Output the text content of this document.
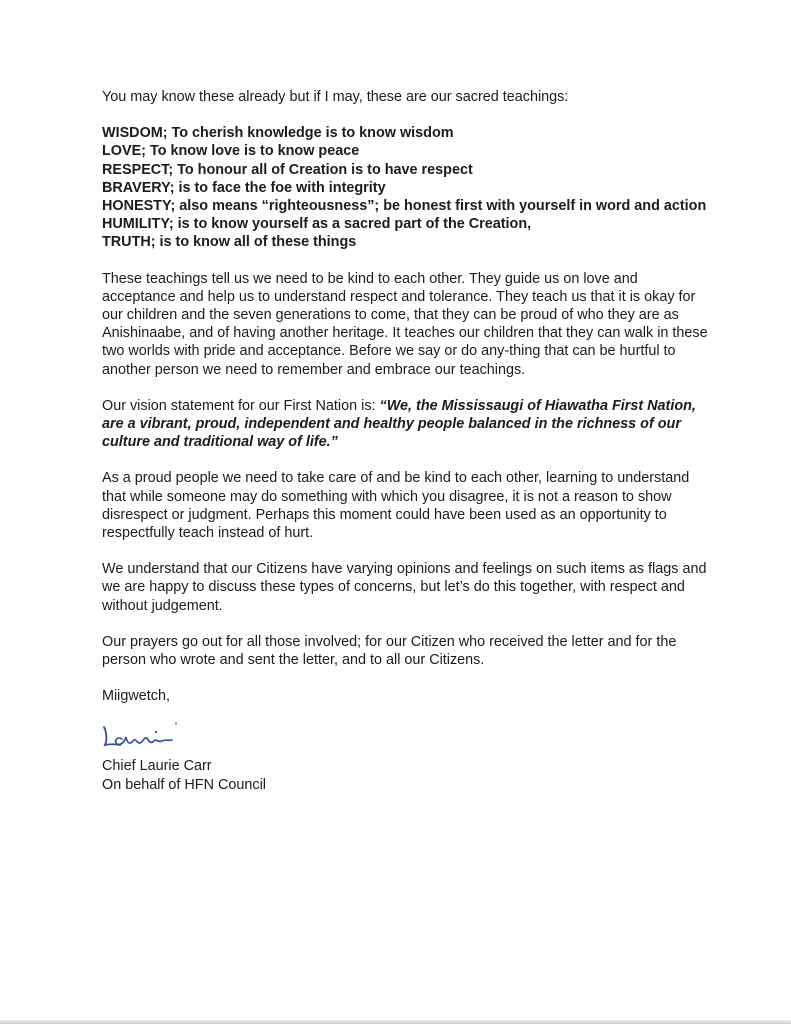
You may know these already but if I may, these are our sacred teachings:

WISDOM; To cherish knowledge is to know wisdom
LOVE; To know love is to know peace
RESPECT; To honour all of Creation is to have respect
BRAVERY; is to face the foe with integrity
HONESTY; also means “righteousness”; be honest first with yourself in word and action
HUMILITY; is to know yourself as a sacred part of the Creation,
TRUTH; is to know all of these things

These teachings tell us we need to be kind to each other. They guide us on love and acceptance and help us to understand respect and tolerance. They teach us that it is okay for our children and the seven generations to come, that they can be proud of who they are as Anishinaabe, and of having another heritage. It teaches our children that they can walk in these two worlds with pride and acceptance. Before we say or do any-thing that can be hurtful to another person we need to remember and embrace our teachings.

Our vision statement for our First Nation is: “We, the Mississaugi of Hiawatha First Nation, are a vibrant, proud, independent and healthy people balanced in the richness of our culture and traditional way of life.”

As a proud people we need to take care of and be kind to each other, learning to understand that while someone may do something with which you disagree, it is not a reason to show disrespect or judgment. Perhaps this moment could have been used as an opportunity to respectfully teach instead of hurt.

We understand that our Citizens have varying opinions and feelings on such items as flags and we are happy to discuss these types of concerns, but let’s do this together, with respect and without judgement.

Our prayers go out for all those involved; for our Citizen who received the letter and for the person who wrote and sent the letter, and to all our Citizens.

Miigwetch,

Chief Laurie Carr
On behalf of HFN Council
